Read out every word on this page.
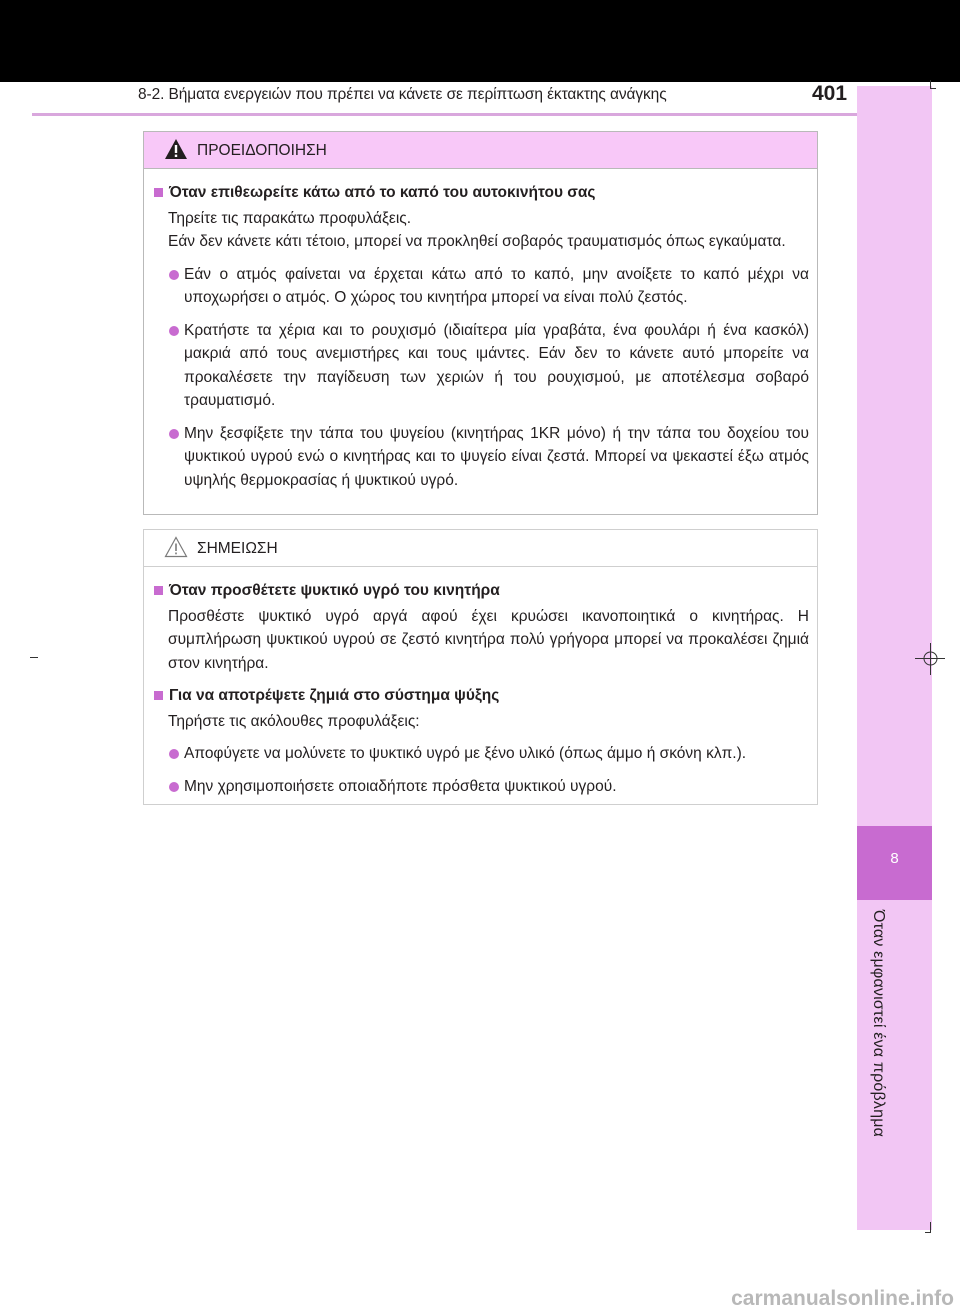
8-2. Βήματα ενεργειών που πρέπει να κάνετε σε περίπτωση έκτακτης ανάγκης	401
8
Όταν εμφανιστεί ένα πρόβλημα
ΠΡΟΕΙΔΟΠΟΙΗΣΗ
Όταν επιθεωρείτε κάτω από το καπό του αυτοκινήτου σας
Τηρείτε τις παρακάτω προφυλάξεις.
Εάν δεν κάνετε κάτι τέτοιο, μπορεί να προκληθεί σοβαρός τραυματισμός όπως εγκαύματα.
Εάν ο ατμός φαίνεται να έρχεται κάτω από το καπό, μην ανοίξετε το καπό μέχρι να υποχωρήσει ο ατμός. Ο χώρος του κινητήρα μπορεί να είναι πολύ ζεστός.
Κρατήστε τα χέρια και το ρουχισμό (ιδιαίτερα μία γραβάτα, ένα φουλάρι ή ένα κασκόλ) μακριά από τους ανεμιστήρες και τους ιμάντες. Εάν δεν το κάνετε αυτό μπορείτε να προκαλέσετε την παγίδευση των χεριών ή του ρουχισμού, με αποτέλεσμα σοβαρό τραυματισμό.
Μην ξεσφίξετε την τάπα του ψυγείου (κινητήρας 1KR μόνο) ή την τάπα του δοχείου του ψυκτικού υγρού ενώ ο κινητήρας και το ψυγείο είναι ζεστά. Μπορεί να ψεκαστεί έξω ατμός υψηλής θερμοκρασίας ή ψυκτικού υγρό.
ΣΗΜΕΙΩΣΗ
Όταν προσθέτετε ψυκτικό υγρό του κινητήρα
Προσθέστε ψυκτικό υγρό αργά αφού έχει κρυώσει ικανοποιητικά ο κινητήρας. Η συμπλήρωση ψυκτικού υγρού σε ζεστό κινητήρα πολύ γρήγορα μπορεί να προκαλέσει ζημιά στον κινητήρα.
Για να αποτρέψετε ζημιά στο σύστημα ψύξης
Τηρήστε τις ακόλουθες προφυλάξεις:
Αποφύγετε να μολύνετε το ψυκτικό υγρό με ξένο υλικό (όπως άμμο ή σκόνη κλπ.).
Μην χρησιμοποιήσετε οποιαδήποτε πρόσθετα ψυκτικού υγρού.
carmanualsonline.info
